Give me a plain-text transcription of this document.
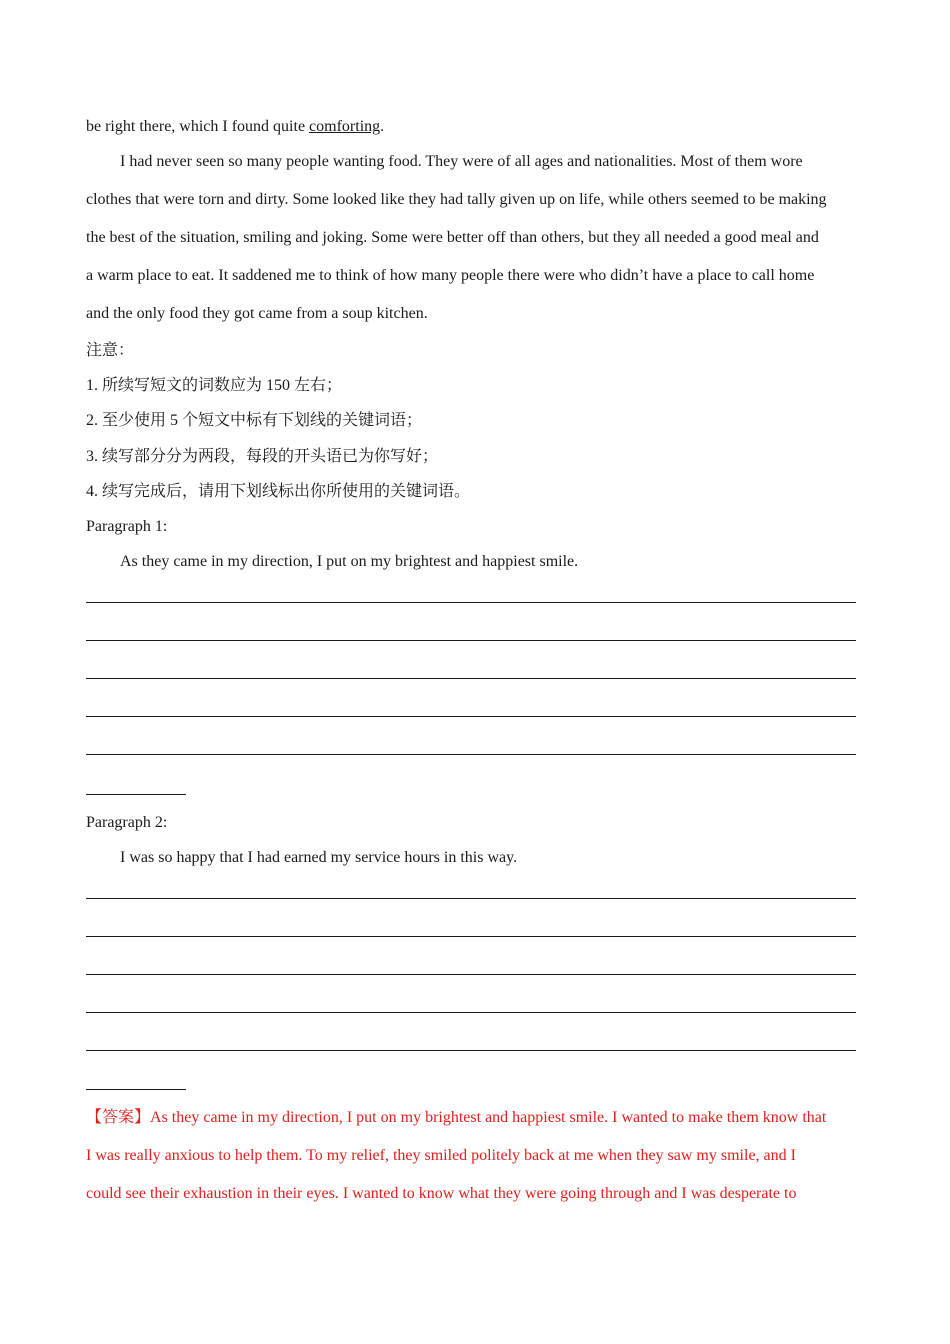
be right there, which I found quite comforting.
I had never seen so many people wanting food. They were of all ages and nationalities. Most of them wore
clothes that were torn and dirty. Some looked like they had tally given up on life, while others seemed to be making
the best of the situation, smiling and joking. Some were better off than others, but they all needed a good meal and
a warm place to eat. It saddened me to think of how many people there were who didn’t have a place to call home
and the only food they got came from a soup kitchen.
注意：
1. 所续写短文的词数应为 150 左右；
2. 至少使用 5 个短文中标有下划线的关键词语；
3. 续写部分分为两段，每段的开头语已为你写好；
4. 续写完成后，请用下划线标出你所使用的关键词语。
Paragraph 1:
As they came in my direction, I put on my brightest and happiest smile.
Paragraph 2:
I was so happy that I had earned my service hours in this way.
【答案】As they came in my direction, I put on my brightest and happiest smile. I wanted to make them know that
I was really anxious to help them. To my relief, they smiled politely back at me when they saw my smile, and I
could see their exhaustion in their eyes. I wanted to know what they were going through and I was desperate to
